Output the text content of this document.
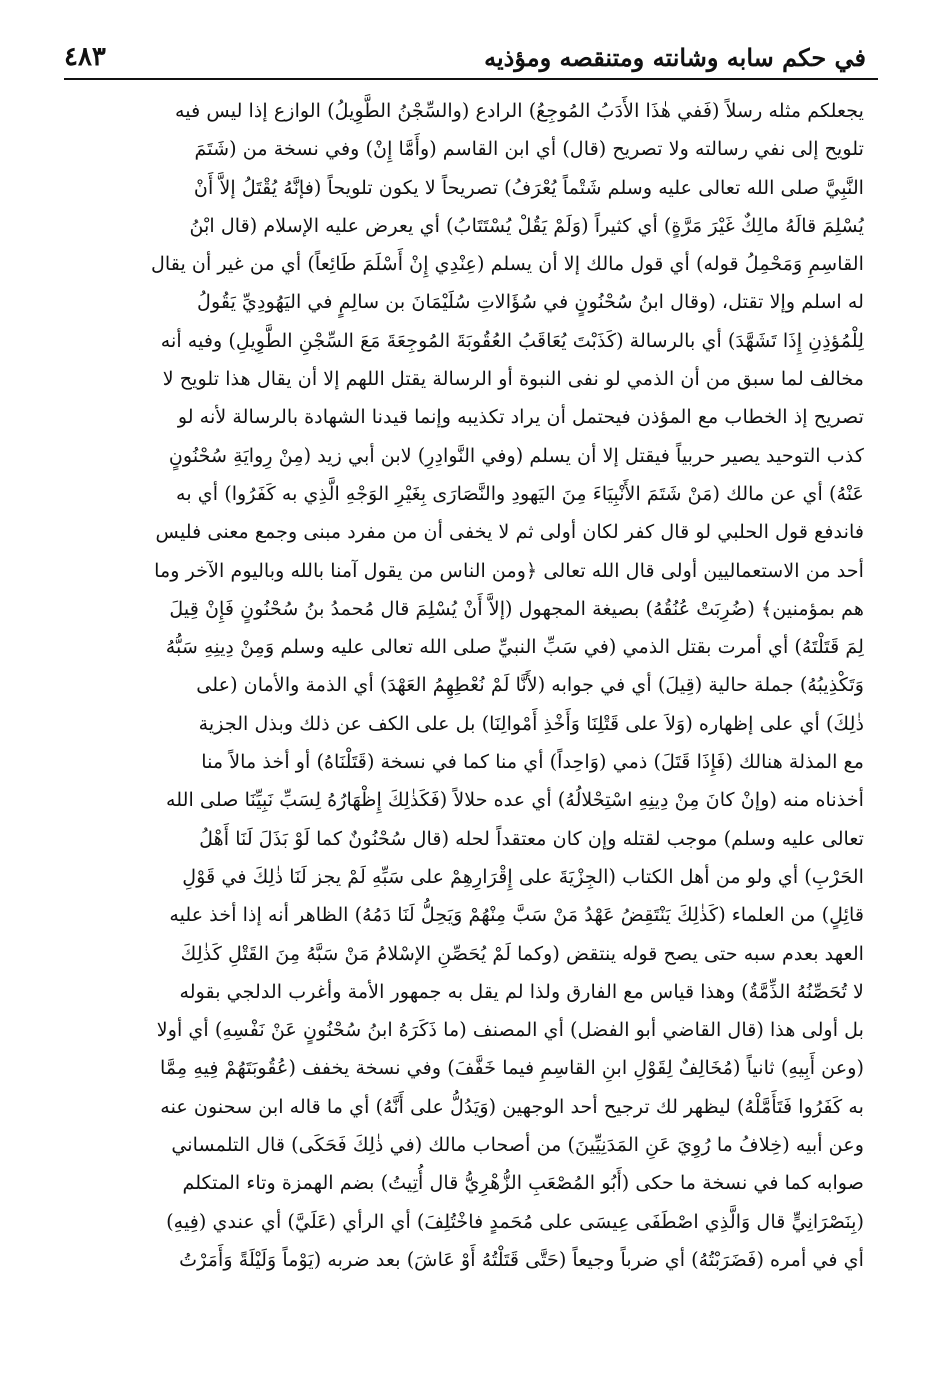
في حكم سابه وشانته ومتنقصه ومؤذيه
٤٨٣
يجعلكم مثله رسلاً (فَفي هٰذَا الأَدَبُ المُوجِعُ) الرادع (والسِّجْنُ الطَّوِيلُ) الوازع إذا ليس فيه
تلويح إلى نفي رسالته ولا تصريح (قال) أي ابن القاسم (وأَمَّا إِنْ) وفي نسخة من (شَتَمَ
النَّبِيَّ صلى الله تعالى عليه وسلم شَتْماً يُعْرَفُ) تصريحاً لا يكون تلويحاً (فإنَّهُ يُقْتَلُ إلاَّ أَنْ
يُسْلِمَ قالَهُ مالِكٌ غَيْرَ مَرَّةٍ) أي كثيراً (وَلَمْ يَقُلْ يُسْتَتَابُ) أي يعرض عليه الإسلام (قال ابْنُ
القاسِمِ وَمَحْمِلُ قوله) أي قول مالك إلا أن يسلم (عِنْدِي إِنْ أَسْلَمَ طَائِعاً) أي من غير أن يقال
له اسلم وإلا تقتل، (وقال ابنُ سُحْنُونٍ في سُؤَالاتِ سُلَيْمَانَ بن سالِمٍ في اليَهُودِيِّ يَقُولُ
لِلْمُؤذِنِ إِذَا تَشَهَّدَ) أي بالرسالة (كَذَبْتَ يُعَاقَبُ العُقُوبَةَ المُوجِعَةَ مَعَ السِّجْنِ الطَّوِيلِ) وفيه أنه
مخالف لما سبق من أن الذمي لو نفى النبوة أو الرسالة يقتل اللهم إلا أن يقال هذا تلويح لا
تصريح إذ الخطاب مع المؤذن فيحتمل أن يراد تكذيبه وإنما قيدنا الشهادة بالرسالة لأنه لو
كذب التوحيد يصير حربياً فيقتل إلا أن يسلم (وفي النَّوادِرِ) لابن أبي زيد (مِنْ رِوايَةِ سُحْنُونٍ
عَنْهُ) أي عن مالك (مَنْ شَتَمَ الأَنْبِيَاءَ مِنَ اليَهودِ والنَّصَارَى بِغَيْرِ الوَجْهِ الَّذِي به كَفَرُوا) أي به
فاندفع قول الحلبي لو قال كفر لكان أولى ثم لا يخفى أن من مفرد مبنى وجمع معنى فليس
أحد من الاستعماليين أولى قال الله تعالى ﴿ومن الناس من يقول آمنا بالله وباليوم الآخر وما
هم بمؤمنين﴾ (ضُرِبَتْ عُنُقُهُ) بصيغة المجهول (إلاَّ أَنْ يُسْلِمَ قال مُحمدُ بنُ سُحْنُونٍ فَإِنْ قِيلَ
لِمَ قَتَلْتَهُ) أي أمرت بقتل الذمي (في سَبِّ النبيِّ صلى الله تعالى عليه وسلم وَمِنْ دِينِهِ سَبُّهُ
وَتَكْذِيبُهُ) جملة حالية (قِيلَ) أي في جوابه (لأَنَّا لَمْ نُعْطِهِمُ العَهْدَ) أي الذمة والأمان (على
ذٰلِكَ) أي على إظهاره (وَلاَ على قَتْلِنَا وَأَخْذِ أَمْوالِنَا) بل على الكف عن ذلك وبذل الجزية
مع المذلة هنالك (فَإِذَا قَتَلَ) ذمي (وَاحِداً) أي منا كما في نسخة (قَتَلْنَاهُ) أو أخذ مالاً منا
أخذناه منه (وإنْ كانَ مِنْ دِينِهِ اسْتِحْلالُهُ) أي عده حلالاً (فَكَذٰلِكَ إِظْهَارُهُ لِسَبِّ نَبِيِّنَا صلى الله
تعالى عليه وسلم) موجب لقتله وإن كان معتقداً لحله (قال سُحْنُونٌ كما لَوْ بَذَلَ لَنَا أَهْلُ
الحَرْبِ) أي ولو من أهل الكتاب (الجِزْيَةَ على إِقْرَارِهِمْ على سَبِّهِ لَمْ يجز لَنَا ذٰلِكَ في قَوْلِ
قائِلٍ) من العلماء (كَذٰلِكَ يَنْتَقِضُ عَهْدُ مَنْ سَبَّ مِنْهُمْ وَيَحِلُّ لَنَا دَمُهُ) الظاهر أنه إذا أخذ عليه
العهد بعدم سبه حتى يصح قوله ينتقض (وكما لَمْ يُحَصِّنِ الإسْلامُ مَنْ سَبَّهُ مِنَ القَتْلِ كَذٰلِكَ
لا تُحَصِّنُهُ الذِّمَّةُ) وهذا قياس مع الفارق ولذا لم يقل به جمهور الأمة وأغرب الدلجي بقوله
بل أولى هذا (قال القاضي أبو الفضل) أي المصنف (ما ذَكَرَهُ ابنُ سُحْنُونٍ عَنْ نَفْسِهِ) أي أولا
(وعن أَبِيهِ) ثانياً (مُخَالِفٌ لِقَوْلِ ابنِ القاسِمِ فيما خَفَّفَ) وفي نسخة يخفف (عُقُوبَتَهُمْ فِيهِ مِمَّا
به كَفَرُوا فَتَأَمَّلْهُ) ليظهر لك ترجيح أحد الوجهين (وَيَدُلُّ على أَنَّهُ) أي ما قاله ابن سحنون عنه
وعن أبيه (خِلافُ ما رُوِيَ عَنِ المَدَنِيِّينَ) من أصحاب مالك (في ذٰلِكَ فَحَكَى) قال التلمساني
صوابه كما في نسخة ما حكى (أَبُو المُصْعَبِ الزُّهْرِيُّ قال أُتِيتُ) بضم الهمزة وتاء المتكلم
(بِنَصْرَانِيٍّ قال وَالَّذِي اصْطَفَى عِيسَى على مُحَمدٍ فاخْتُلِفَ) أي الرأي (عَلَيَّ) أي عندي (فِيهِ)
أي في أمره (فَضَرَبْتُهُ) أي ضرباً وجيعاً (حَتَّى قَتَلْتُهُ أَوْ عَاشَ) بعد ضربه (يَوْماً وَلَيْلَةً وَأَمَرْتُ
